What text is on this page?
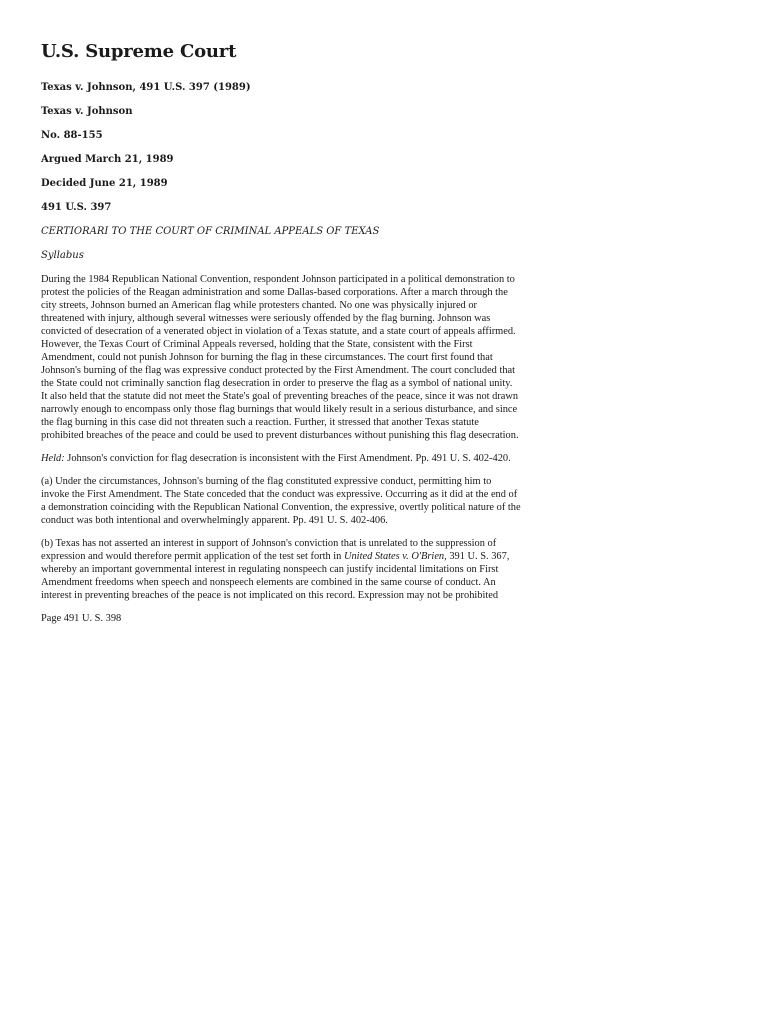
U.S. Supreme Court

Texas v. Johnson, 491 U.S. 397 (1989)

Texas v. Johnson

No. 88-155

Argued March 21, 1989

Decided June 21, 1989

491 U.S. 397

CERTIORARI TO THE COURT OF CRIMINAL APPEALS OF TEXAS

Syllabus

During the 1984 Republican National Convention, respondent Johnson participated in a political demonstration to protest the policies of the Reagan administration and some Dallas-based corporations. After a march through the city streets, Johnson burned an American flag while protesters chanted. No one was physically injured or threatened with injury, although several witnesses were seriously offended by the flag burning. Johnson was convicted of desecration of a venerated object in violation of a Texas statute, and a state court of appeals affirmed. However, the Texas Court of Criminal Appeals reversed, holding that the State, consistent with the First Amendment, could not punish Johnson for burning the flag in these circumstances. The court first found that Johnson's burning of the flag was expressive conduct protected by the First Amendment. The court concluded that the State could not criminally sanction flag desecration in order to preserve the flag as a symbol of national unity. It also held that the statute did not meet the State's goal of preventing breaches of the peace, since it was not drawn narrowly enough to encompass only those flag burnings that would likely result in a serious disturbance, and since the flag burning in this case did not threaten such a reaction. Further, it stressed that another Texas statute prohibited breaches of the peace and could be used to prevent disturbances without punishing this flag desecration.

Held: Johnson's conviction for flag desecration is inconsistent with the First Amendment. Pp. 491 U. S. 402-420.

(a) Under the circumstances, Johnson's burning of the flag constituted expressive conduct, permitting him to invoke the First Amendment. The State conceded that the conduct was expressive. Occurring as it did at the end of a demonstration coinciding with the Republican National Convention, the expressive, overtly political nature of the conduct was both intentional and overwhelmingly apparent. Pp. 491 U. S. 402-406.

(b) Texas has not asserted an interest in support of Johnson's conviction that is unrelated to the suppression of expression and would therefore permit application of the test set forth in United States v. O'Brien, 391 U. S. 367, whereby an important governmental interest in regulating nonspeech can justify incidental limitations on First Amendment freedoms when speech and nonspeech elements are combined in the same course of conduct. An interest in preventing breaches of the peace is not implicated on this record. Expression may not be prohibited

Page 491 U. S. 398
